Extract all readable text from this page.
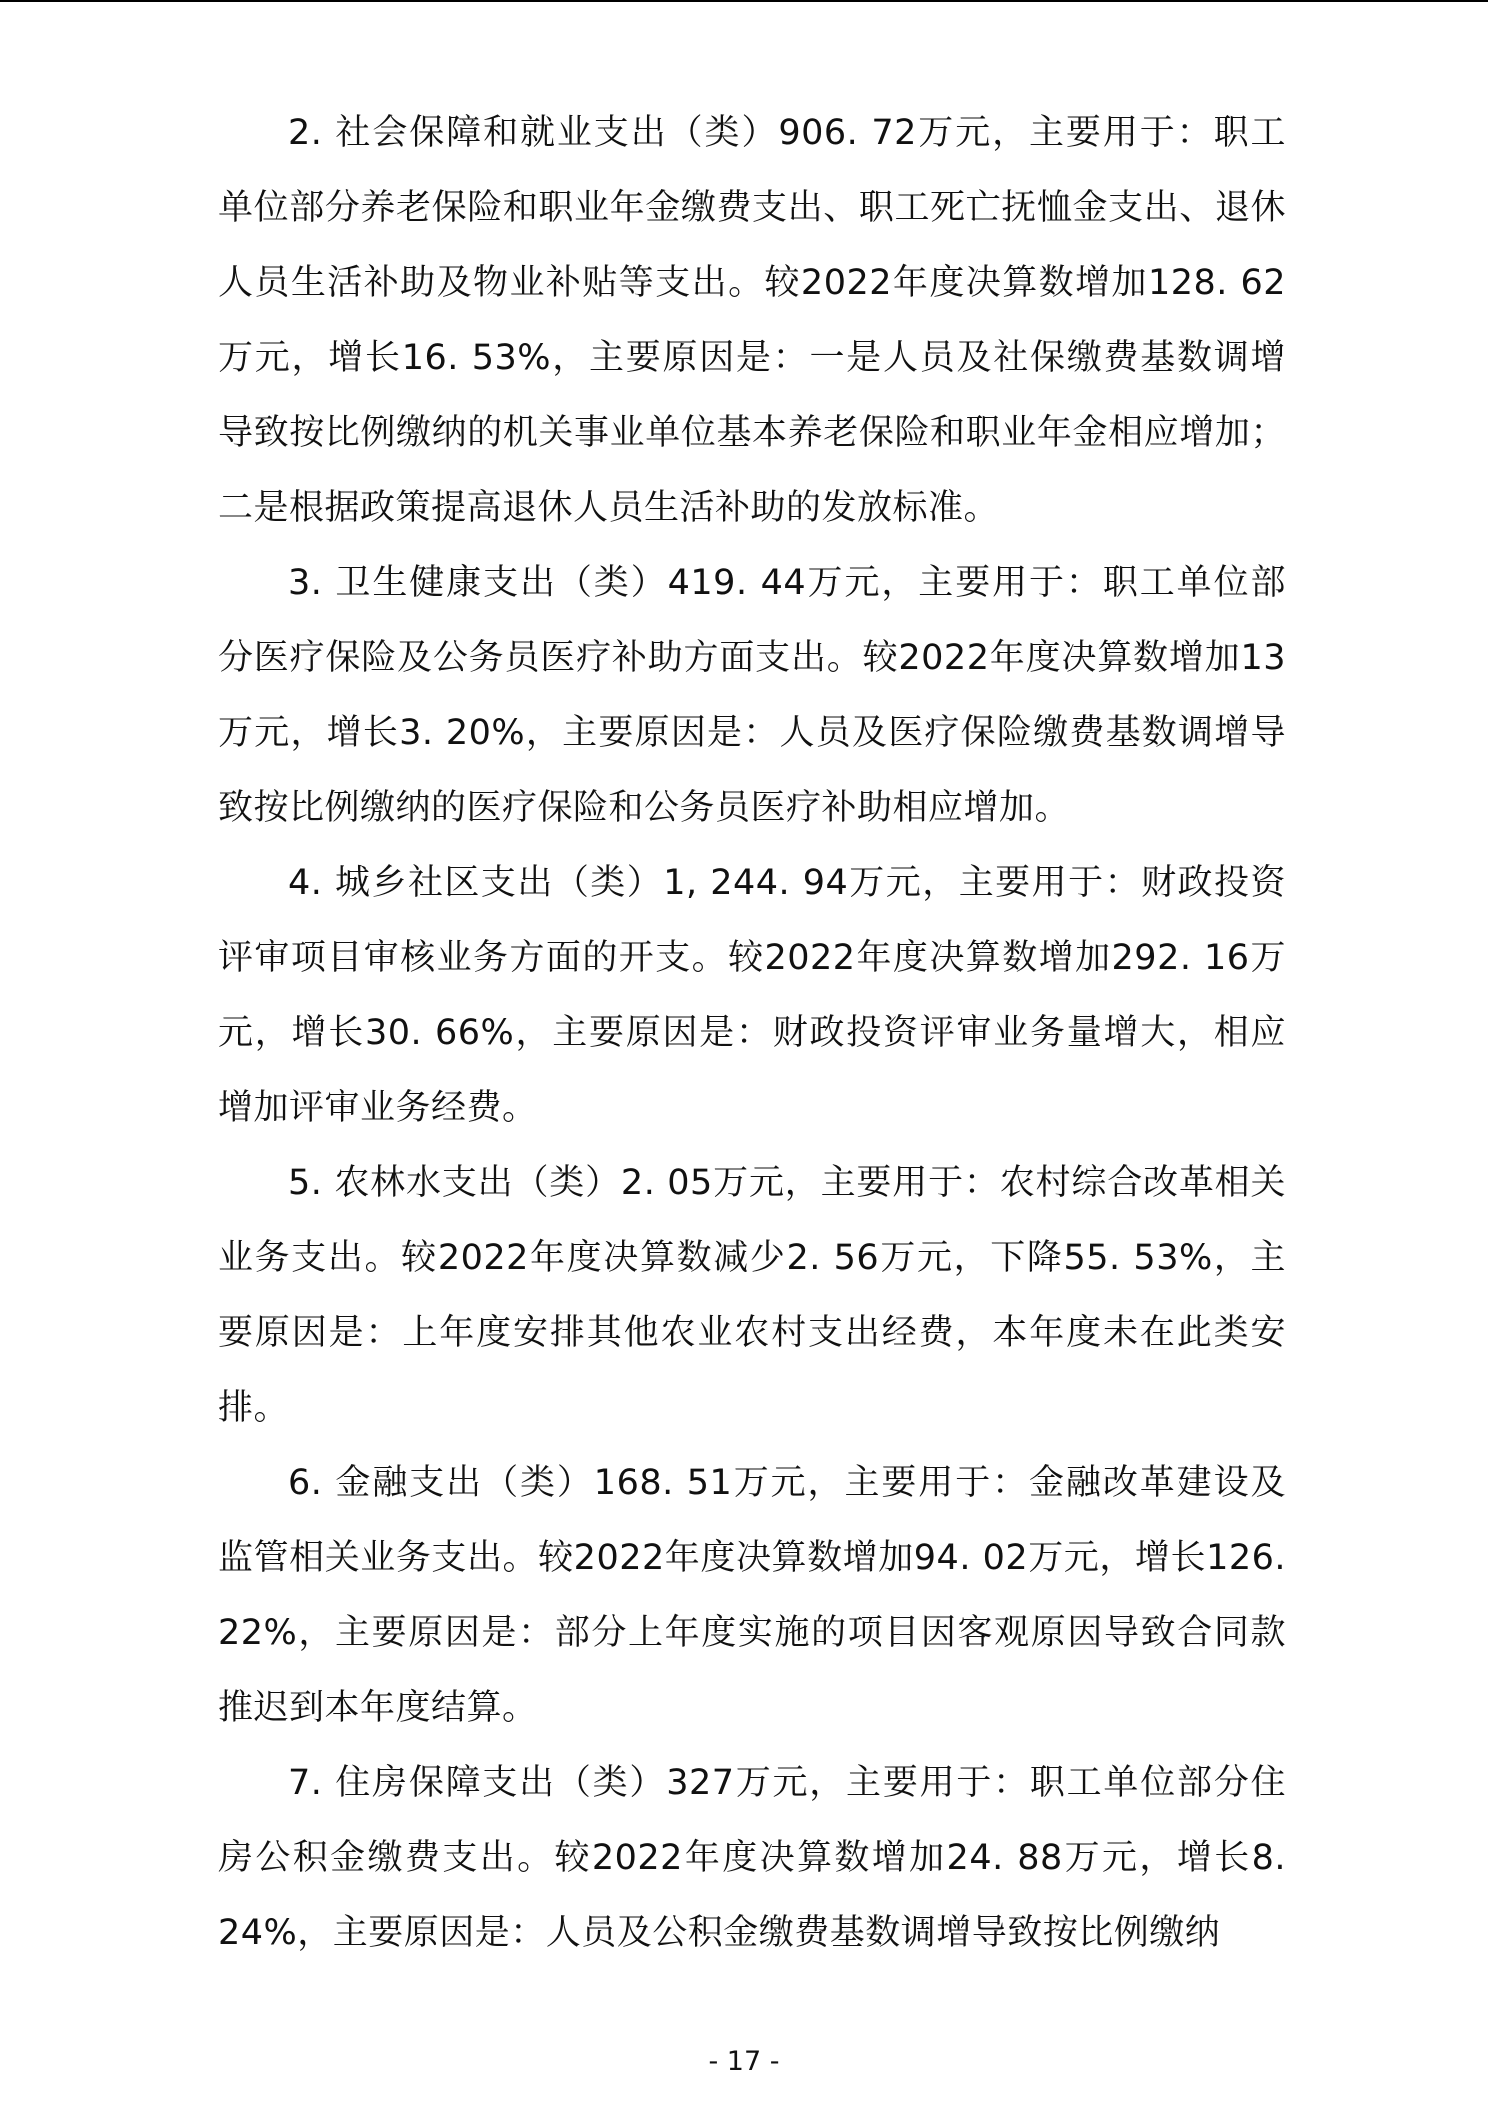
2. 社会保障和就业支出（类）906. 72万元，主要用于：职工单位部分养老保险和职业年金缴费支出、职工死亡抚恤金支出、退休人员生活补助及物业补贴等支出。较2022年度决算数增加128. 62万元，增长16. 53%，主要原因是：一是人员及社保缴费基数调增导致按比例缴纳的机关事业单位基本养老保险和职业年金相应增加；二是根据政策提高退休人员生活补助的发放标准。

3. 卫生健康支出（类）419. 44万元，主要用于：职工单位部分医疗保险及公务员医疗补助方面支出。较2022年度决算数增加13万元，增长3. 20%，主要原因是：人员及医疗保险缴费基数调增导致按比例缴纳的医疗保险和公务员医疗补助相应增加。

4. 城乡社区支出（类）1, 244. 94万元，主要用于：财政投资评审项目审核业务方面的开支。较2022年度决算数增加292. 16万元，增长30. 66%，主要原因是：财政投资评审业务量增大，相应增加评审业务经费。

5. 农林水支出（类）2. 05万元，主要用于：农村综合改革相关业务支出。较2022年度决算数减少2. 56万元，下降55. 53%，主要原因是：上年度安排其他农业农村支出经费，本年度未在此类安排。

6. 金融支出（类）168. 51万元，主要用于：金融改革建设及监管相关业务支出。较2022年度决算数增加94. 02万元，增长126. 22%，主要原因是：部分上年度实施的项目因客观原因导致合同款推迟到本年度结算。

7. 住房保障支出（类）327万元，主要用于：职工单位部分住房公积金缴费支出。较2022年度决算数增加24. 88万元，增长8. 24%，主要原因是：人员及公积金缴费基数调增导致按比例缴纳

- 17 -
